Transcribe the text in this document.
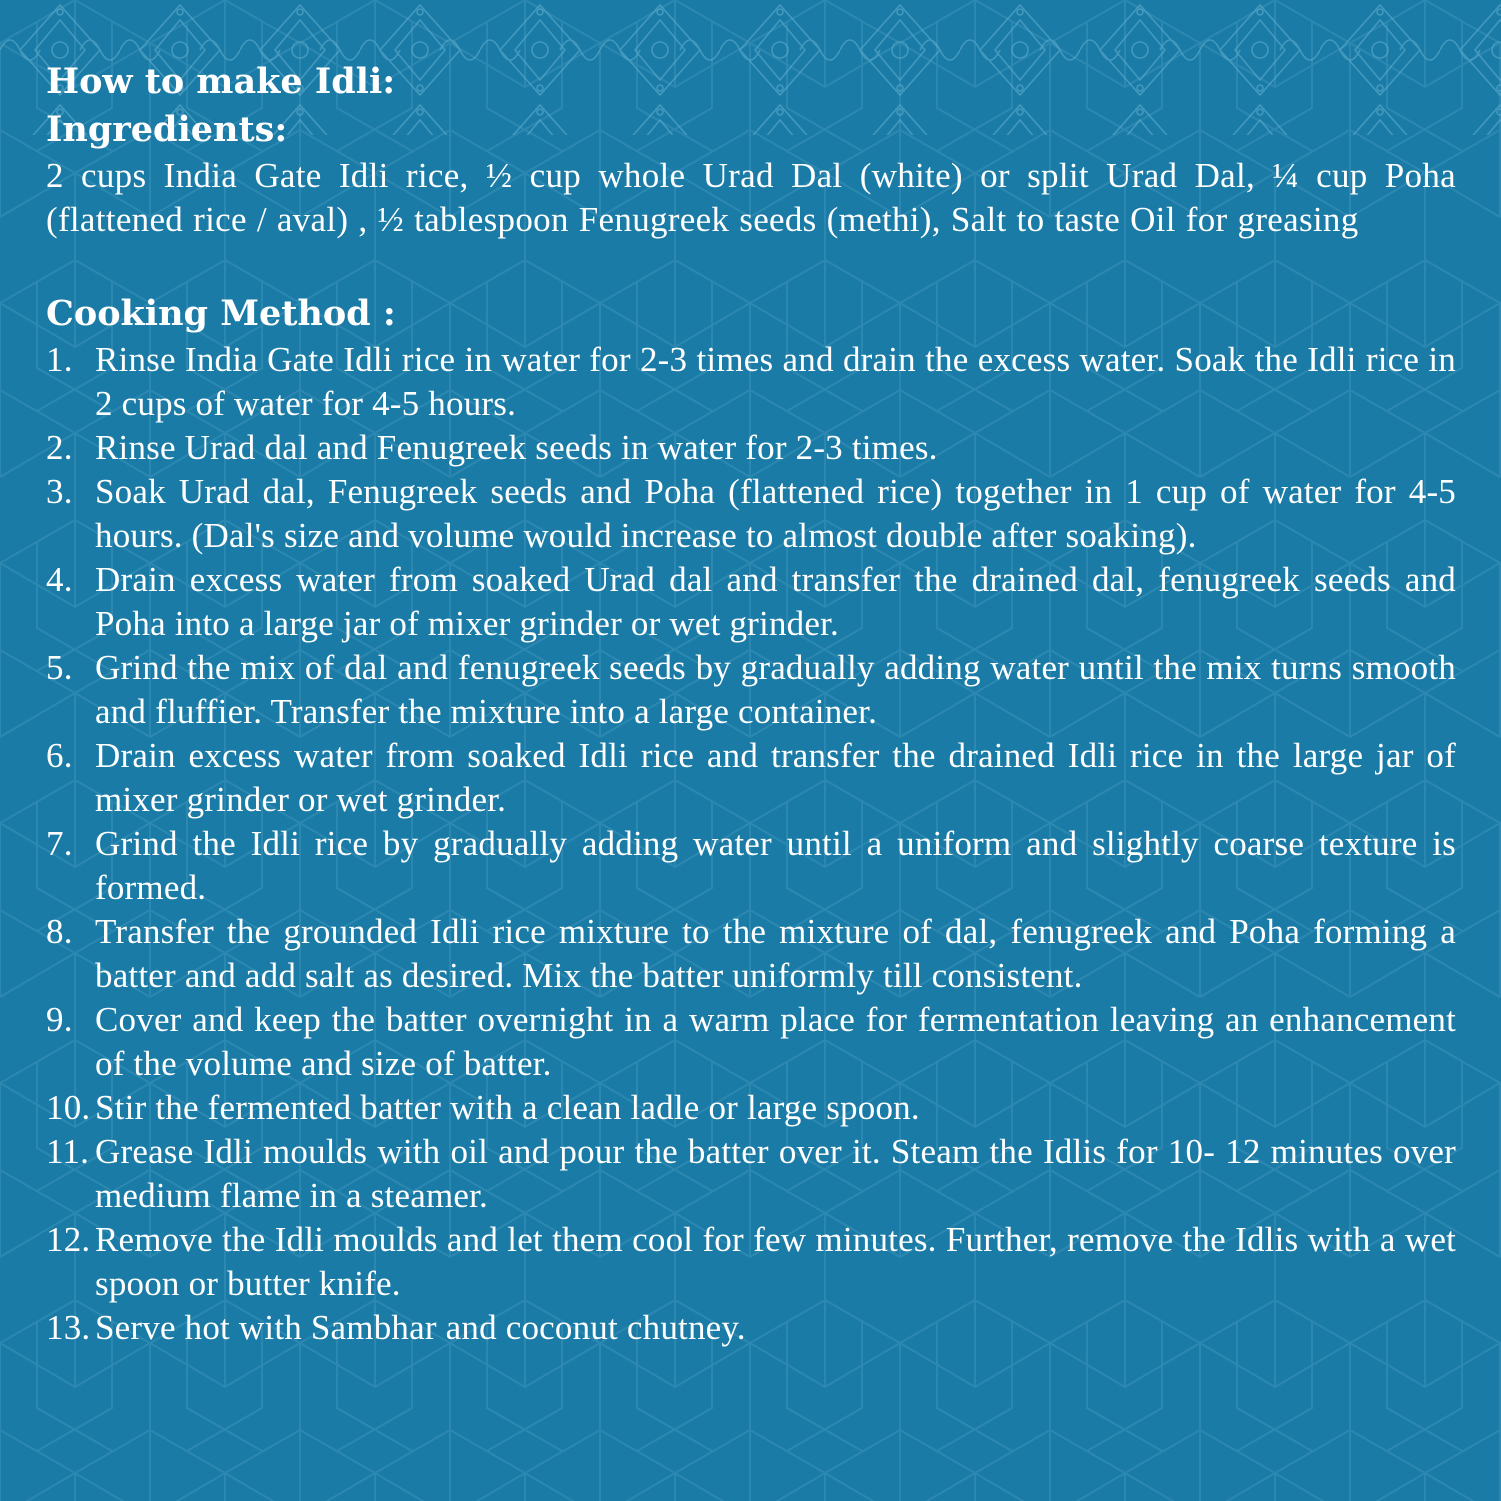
How to make Idli:
Ingredients:

2 cups India Gate Idli rice, ½ cup whole Urad Dal (white) or split Urad Dal, ¼ cup Poha (flattened rice / aval) , ½ tablespoon Fenugreek seeds (methi), Salt to taste Oil for greasing

Cooking Method :
1. Rinse India Gate Idli rice in water for 2-3 times and drain the excess water. Soak the Idli rice in 2 cups of water for 4-5 hours.
2. Rinse Urad dal and Fenugreek seeds in water for 2-3 times.
3. Soak Urad dal, Fenugreek seeds and Poha (flattened rice) together in 1 cup of water for 4-5 hours. (Dal's size and volume would increase to almost double after soaking).
4. Drain excess water from soaked Urad dal and transfer the drained dal, fenugreek seeds and Poha into a large jar of mixer grinder or wet grinder.
5. Grind the mix of dal and fenugreek seeds by gradually adding water until the mix turns smooth and fluffier. Transfer the mixture into a large container.
6. Drain excess water from soaked Idli rice and transfer the drained Idli rice in the large jar of mixer grinder or wet grinder.
7. Grind the Idli rice by gradually adding water until a uniform and slightly coarse texture is formed.
8. Transfer the grounded Idli rice mixture to the mixture of dal, fenugreek and Poha forming a batter and add salt as desired. Mix the batter uniformly till consistent.
9. Cover and keep the batter overnight in a warm place for fermentation leaving an enhancement of the volume and size of batter.
10. Stir the fermented batter with a clean ladle or large spoon.
11. Grease Idli moulds with oil and pour the batter over it. Steam the Idlis for 10- 12 minutes over medium flame in a steamer.
12. Remove the Idli moulds and let them cool for few minutes. Further, remove the Idlis with a wet spoon or butter knife.
13. Serve hot with Sambhar and coconut chutney.
